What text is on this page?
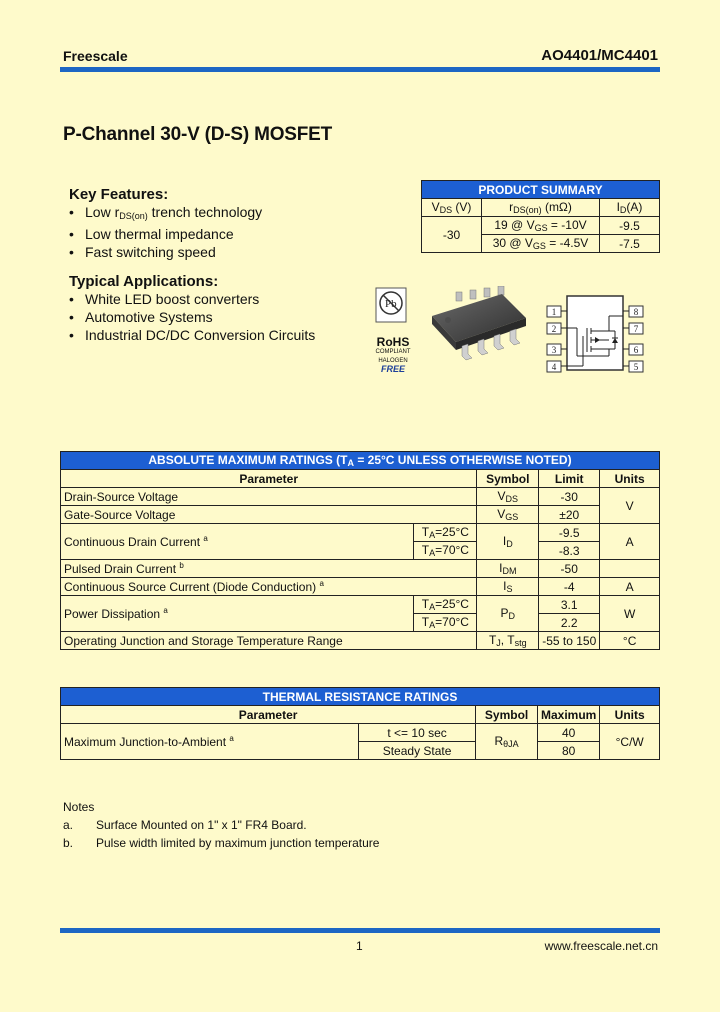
Freescale	AO4401/MC4401
P-Channel 30-V (D-S) MOSFET
Key Features:
• Low $r_{DS(on)}$ trench technology
• Low thermal impedance
• Fast switching speed
Typical Applications:
• White LED boost converters
• Automotive Systems
• Industrial DC/DC Conversion Circuits
PRODUCT SUMMARY		
$V_{DS}$ (V)	$r_{DS(on)}$ (mΩ)	$I_D(A)$
-30	19 @ $V_{GS} = -10V$	-9.5
	30 @ $V_{GS} = -4.5V$	-7.5
Pb
RoHS
COMPLIANT
HALOGEN
FREE
1
2
3
4
8
7
6
5
ABSOLUTE MAXIMUM RATINGS ($T_A = 25^\circ C$ UNLESS OTHERWISE NOTED)				
Parameter		Symbol	Limit	Units
Drain-Source Voltage		$V_{DS}$	-30	V
Gate-Source Voltage		$V_{GS}$	±20	
Continuous Drain Current $^a$	$T_A=25^\circ C$	$I_D$	-9.5	A
	$T_A=70^\circ C$		-8.3	
Pulsed Drain Current $^b$		$I_{DM}$	-50	
Continuous Source Current (Diode Conduction) $^a$		$I_S$	-4	A
Power Dissipation $^a$	$T_A=25^\circ C$	$P_D$	3.1	W
	$T_A=70^\circ C$		2.2	
Operating Junction and Storage Temperature Range		$T_J$, $T_{stg}$	-55 to 150	°C
THERMAL RESISTANCE RATINGS				
Parameter		Symbol	Maximum	Units
Maximum Junction-to-Ambient $^a$	t <= 10 sec	$R_{\theta JA}$	40	°C/W
	Steady State		80	
Notes
a.	Surface Mounted on 1" x 1" FR4 Board.
b.	Pulse width limited by maximum junction temperature
1	www.freescale.net.cn
